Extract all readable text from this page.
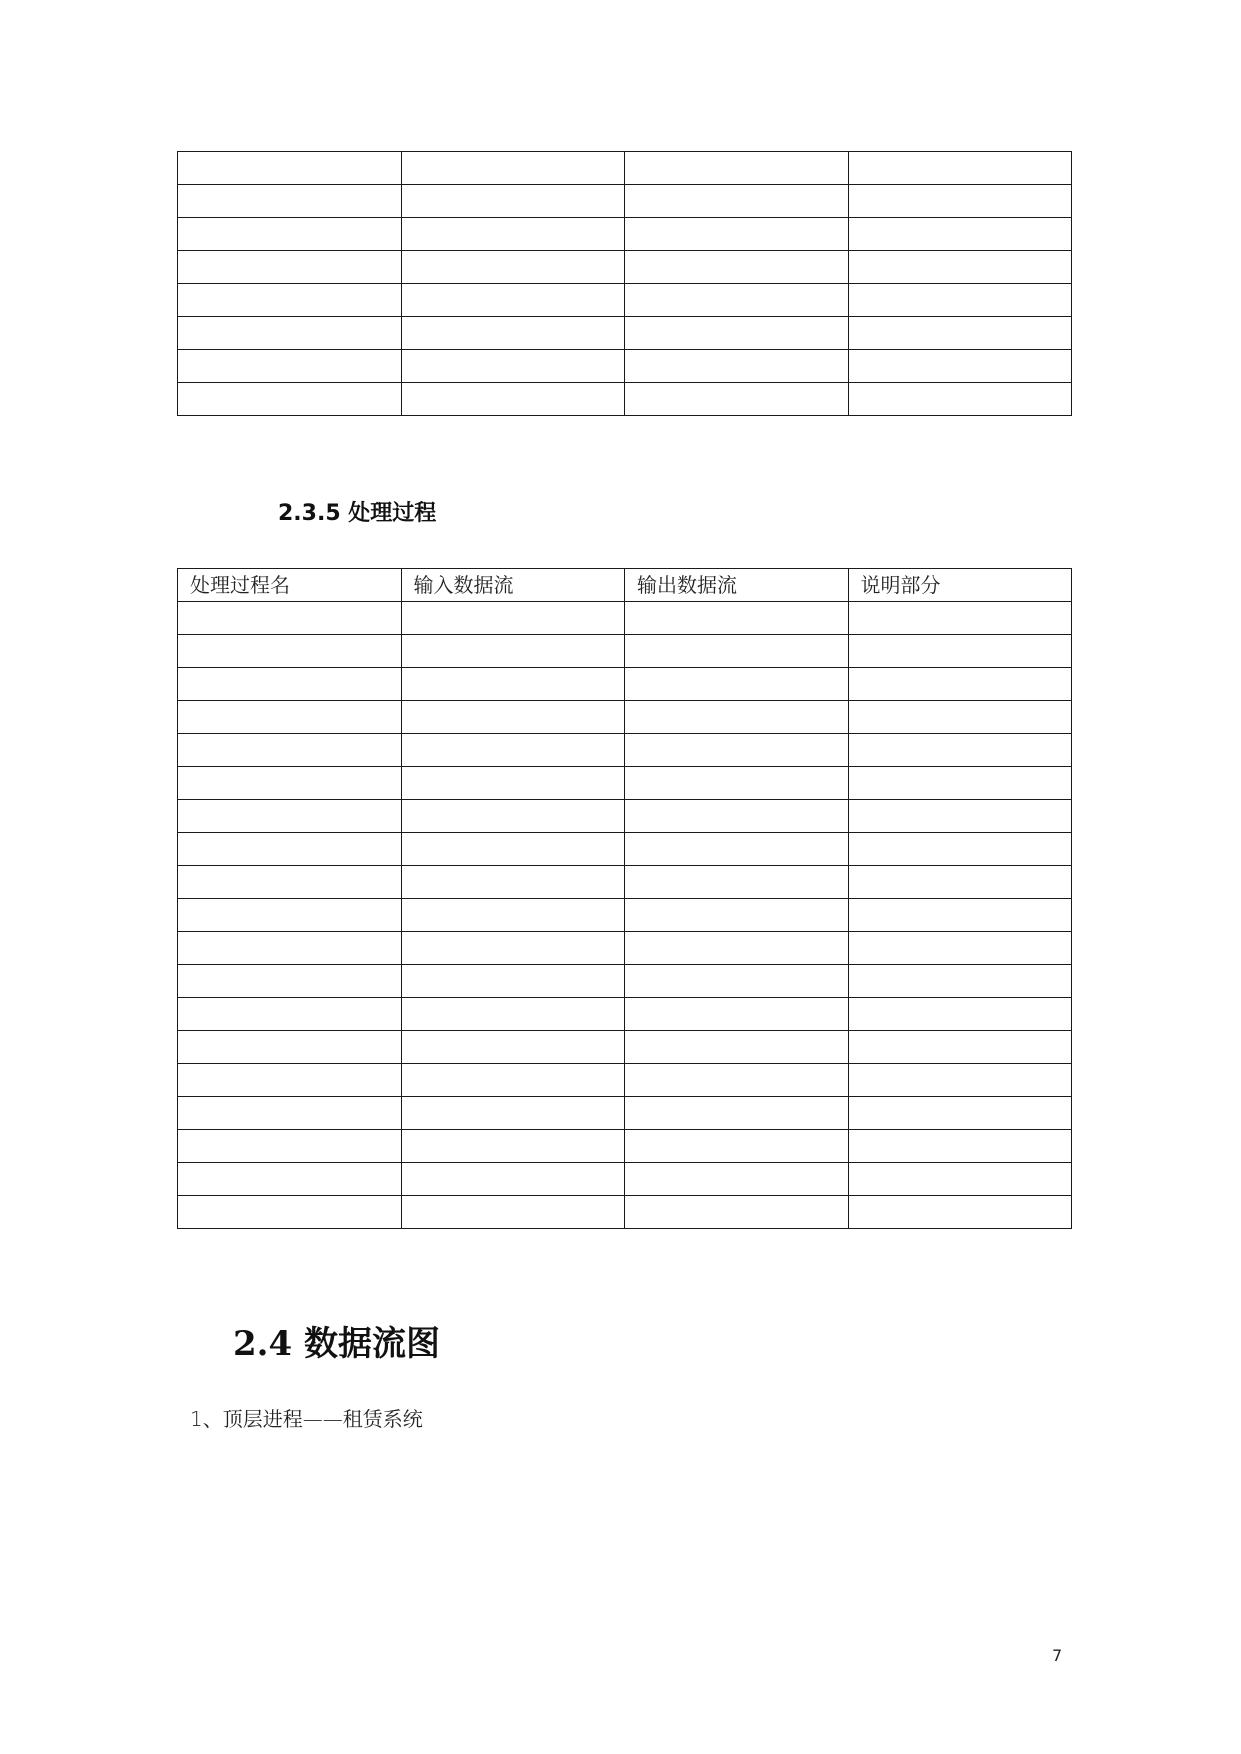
2.3.5 处理过程
处理过程名	输入数据流	输出数据流	说明部分

2.4 数据流图
1、顶层进程——租赁系统
7
